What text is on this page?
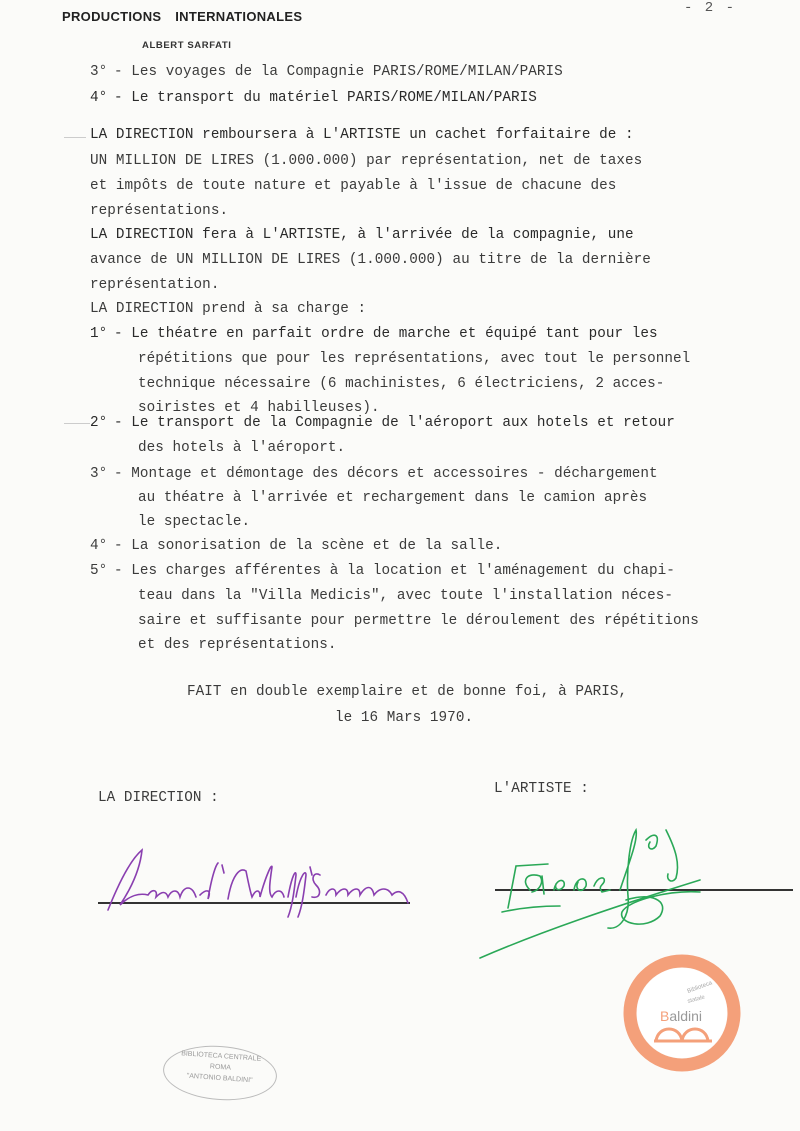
PRODUCTIONS INTERNATIONALES
ALBERT SARFATI
- 2 -
3° - Les voyages de la Compagnie PARIS/ROME/MILAN/PARIS
4° - Le transport du matériel PARIS/ROME/MILAN/PARIS
LA DIRECTION remboursera à L'ARTISTE un cachet forfaitaire de :
UN MILLION DE LIRES (1.000.000) par représentation, net de taxes
et impôts de toute nature et payable à l'issue de chacune des
représentations.
LA DIRECTION fera à L'ARTISTE, à l'arrivée de la compagnie, une
avance de UN MILLION DE LIRES (1.000.000) au titre de la dernière
représentation.
LA DIRECTION prend à sa charge :
1° - Le théatre en parfait ordre de marche et équipé tant pour les
répétitions que pour les représentations, avec tout le personnel
technique nécessaire (6 machinistes, 6 électriciens, 2 acces-
soiristes et 4 habilleuses).
2° - Le transport de la Compagnie de l'aéroport aux hotels et retour
des hotels à l'aéroport.
3° - Montage et démontage des décors et accessoires - déchargement
au théatre à l'arrivée et rechargement dans le camion après
le spectacle.
4° - La sonorisation de la scène et de la salle.
5° - Les charges afférentes à la location et l'aménagement du chapi-
teau dans la "Villa Medicis", avec toute l'installation néces-
saire et suffisante pour permettre le déroulement des répétitions
et des représentations.
FAIT en double exemplaire et de bonne foi, à PARIS,
le 16 Mars 1970.
LA DIRECTION :
L'ARTISTE :
BIBLIOTECA CENTRALE
ROMA
"ANTONIO BALDINI"
Biblioteca
statale
Baldini
